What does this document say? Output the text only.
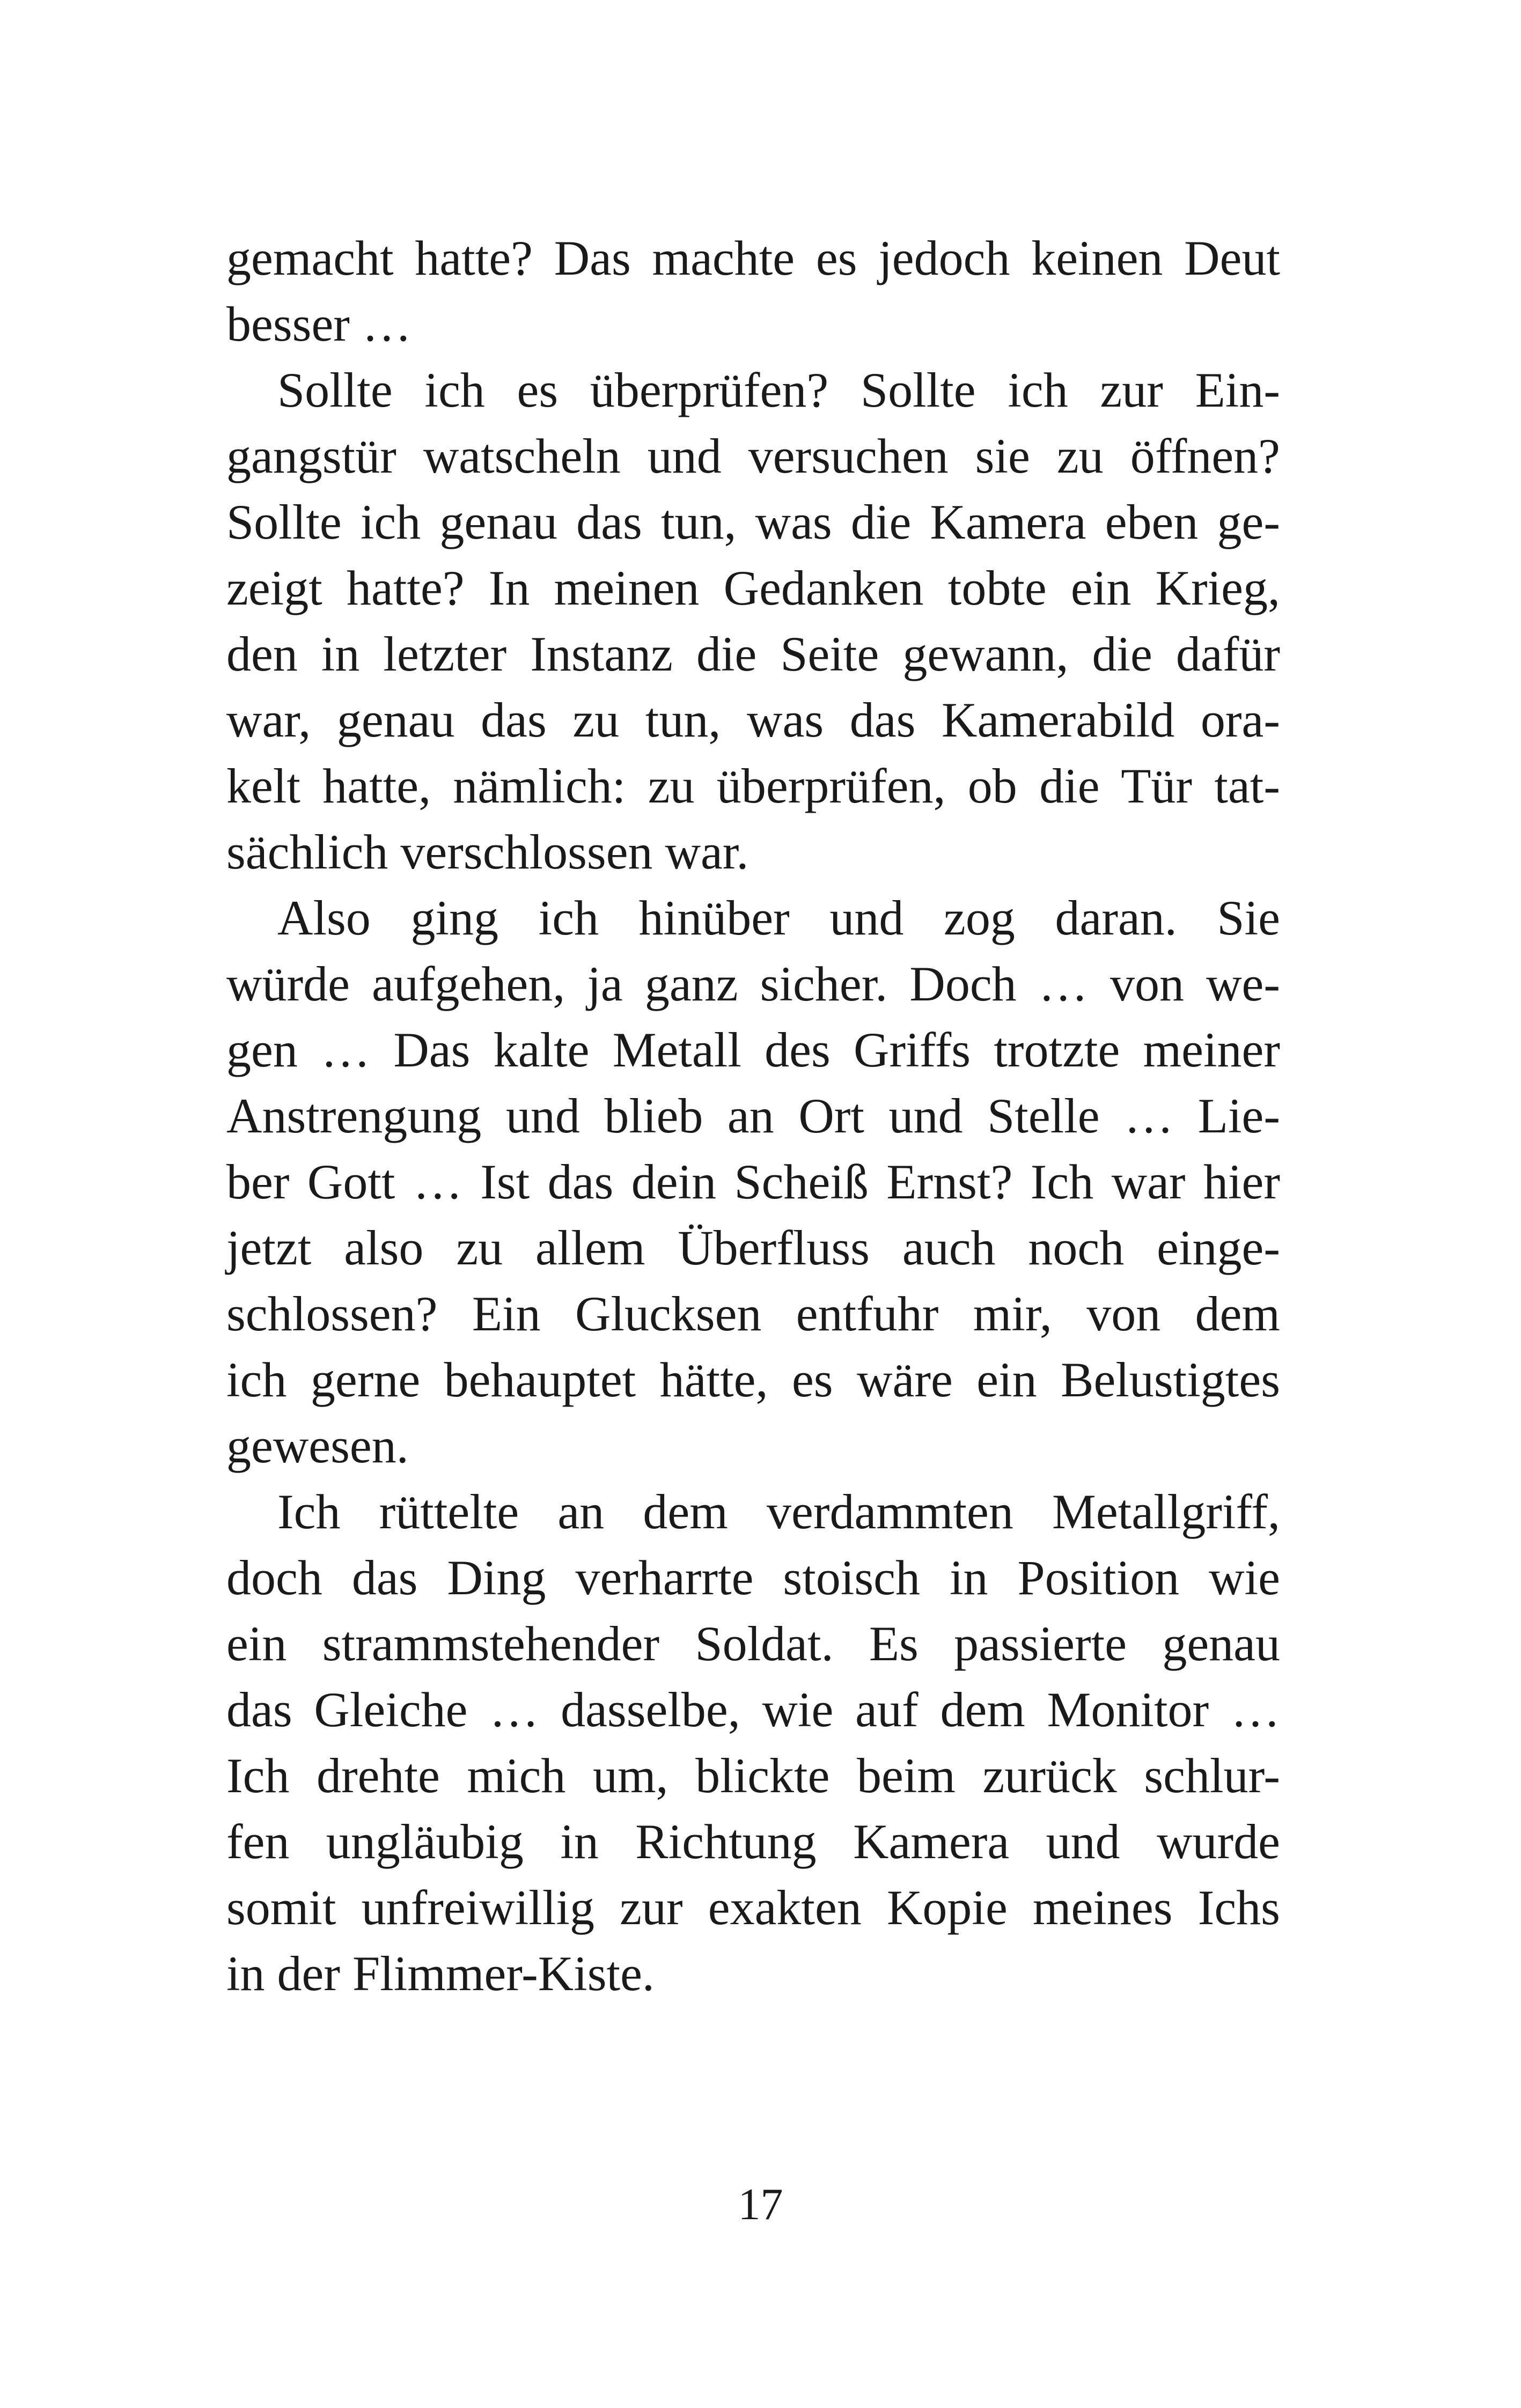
gemacht hatte? Das machte es jedoch keinen Deut
besser …
Sollte ich es überprüfen? Sollte ich zur Ein-
gangstür watscheln und versuchen sie zu öffnen?
Sollte ich genau das tun, was die Kamera eben ge-
zeigt hatte? In meinen Gedanken tobte ein Krieg,
den in letzter Instanz die Seite gewann, die dafür
war, genau das zu tun, was das Kamerabild ora-
kelt hatte, nämlich: zu überprüfen, ob die Tür tat-
sächlich verschlossen war.
Also ging ich hinüber und zog daran. Sie
würde aufgehen, ja ganz sicher. Doch … von we-
gen … Das kalte Metall des Griffs trotzte meiner
Anstrengung und blieb an Ort und Stelle … Lie-
ber Gott … Ist das dein Scheiß Ernst? Ich war hier
jetzt also zu allem Überfluss auch noch einge-
schlossen? Ein Glucksen entfuhr mir, von dem
ich gerne behauptet hätte, es wäre ein Belustigtes
gewesen.
Ich rüttelte an dem verdammten Metallgriff,
doch das Ding verharrte stoisch in Position wie
ein strammstehender Soldat. Es passierte genau
das Gleiche … dasselbe, wie auf dem Monitor …
Ich drehte mich um, blickte beim zurück schlur-
fen ungläubig in Richtung Kamera und wurde
somit unfreiwillig zur exakten Kopie meines Ichs
in der Flimmer-Kiste.
17
